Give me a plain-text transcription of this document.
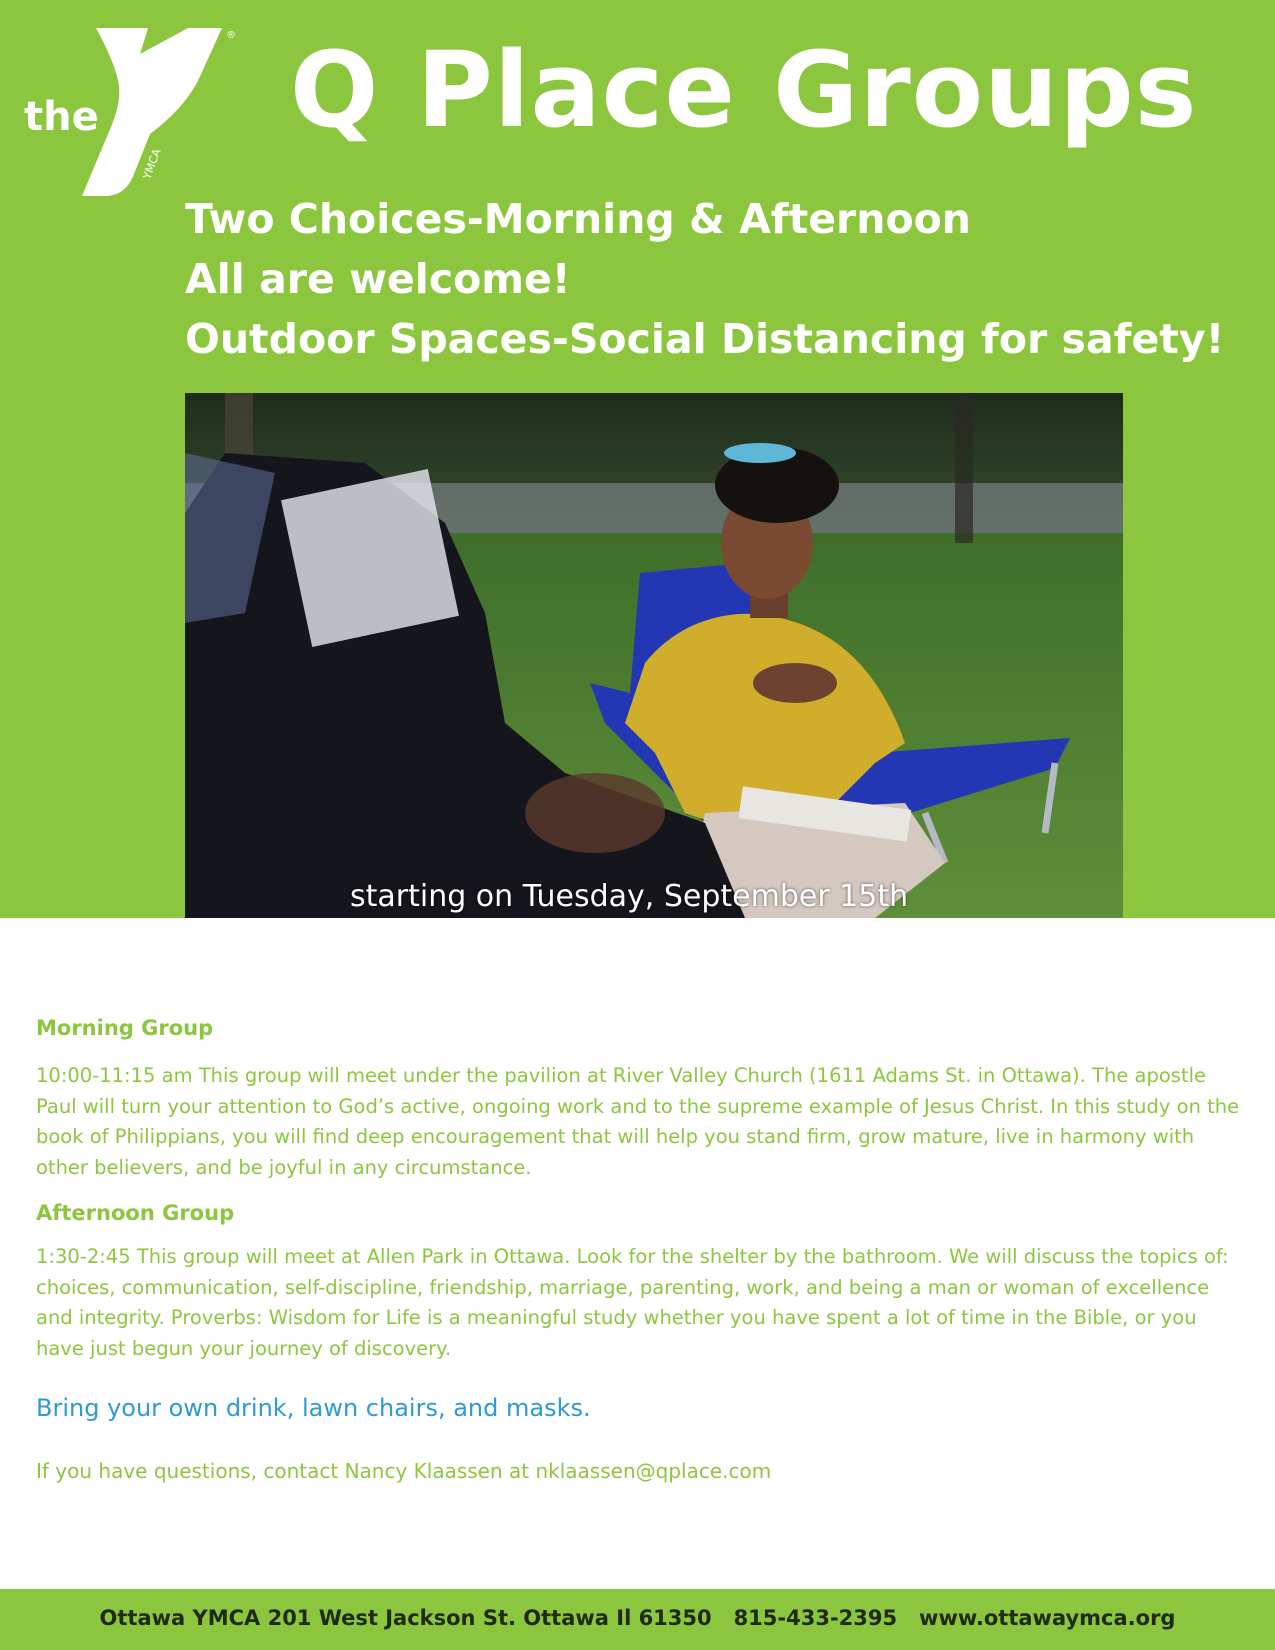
the
YMCA
® Q Place Groups
Two Choices-Morning & Afternoon
All are welcome!
Outdoor Spaces-Social Distancing for safety!
starting on Tuesday, September 15th
Morning Group
10:00-11:15 am This group will meet under the pavilion at River Valley Church (1611 Adams St. in Ottawa). The apostle Paul will turn your attention to God’s active, ongoing work and to the supreme example of Jesus Christ. In this study on the book of Philippians, you will find deep encouragement that will help you stand firm, grow mature, live in harmony with other believers, and be joyful in any circumstance.
Afternoon Group
1:30-2:45 This group will meet at Allen Park in Ottawa. Look for the shelter by the bathroom. We will discuss the topics of: choices, communication, self-discipline, friendship, marriage, parenting, work, and being a man or woman of excellence and integrity. Proverbs: Wisdom for Life is a meaningful study whether you have spent a lot of time in the Bible, or you have just begun your journey of discovery.
Bring your own drink, lawn chairs, and masks.
If you have questions, contact Nancy Klaassen at nklaassen@qplace.com
Ottawa YMCA 201 West Jackson St. Ottawa Il 61350   815-433-2395   www.ottawaymca.org
